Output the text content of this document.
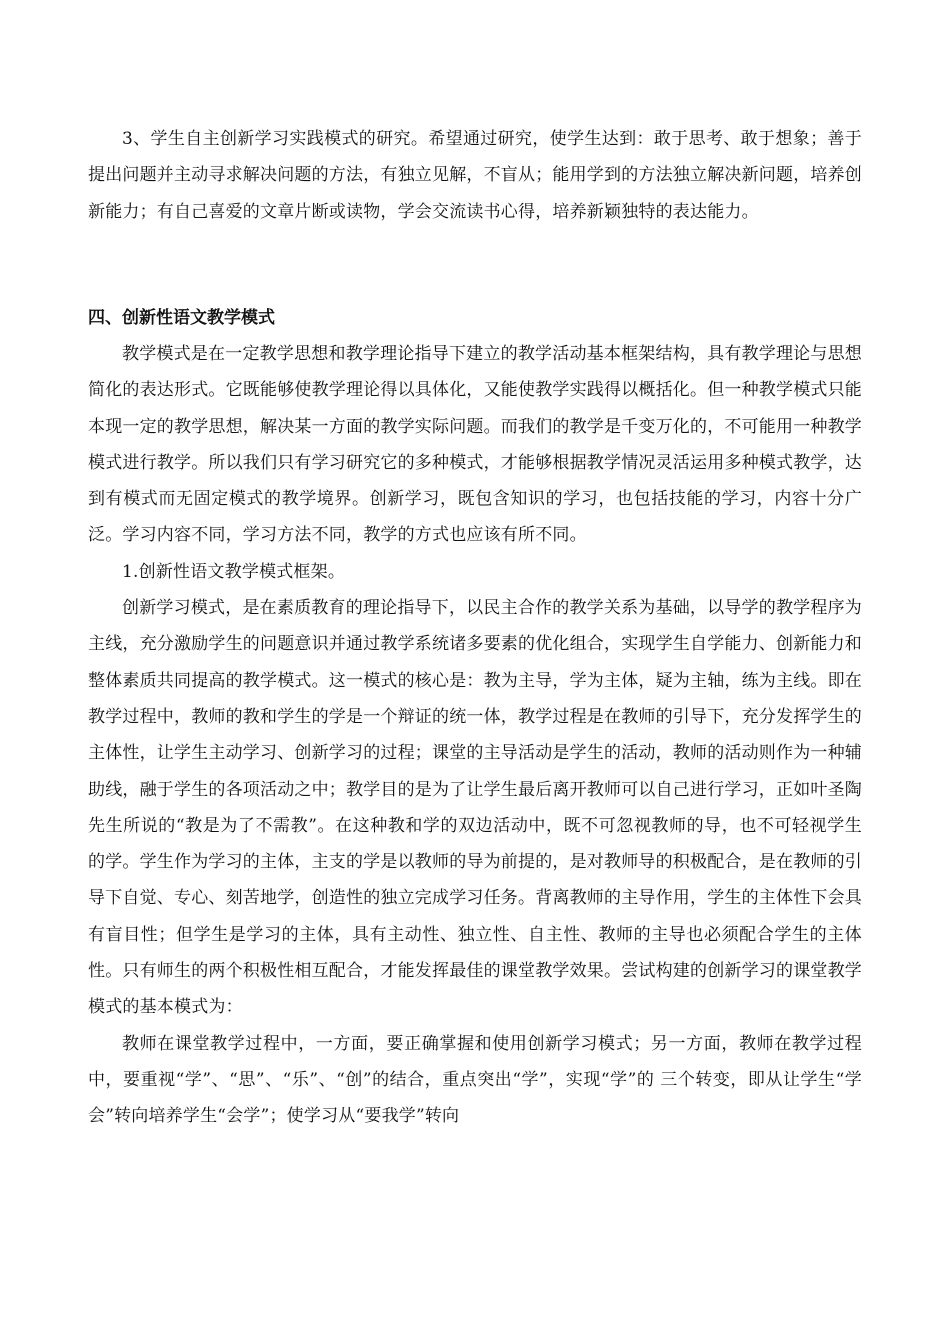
3、学生自主创新学习实践模式的研究。希望通过研究，使学生达到：敢于思考、敢于想象；善于提出问题并主动寻求解决问题的方法，有独立见解，不盲从；能用学到的方法独立解决新问题，培养创新能力；有自己喜爱的文章片断或读物，学会交流读书心得，培养新颖独特的表达能力。

四、创新性语文教学模式

教学模式是在一定教学思想和教学理论指导下建立的教学活动基本框架结构，具有教学理论与思想简化的表达形式。它既能够使教学理论得以具体化，又能使教学实践得以概括化。但一种教学模式只能本现一定的教学思想，解决某一方面的教学实际问题。而我们的教学是千变万化的，不可能用一种教学模式进行教学。所以我们只有学习研究它的多种模式，才能够根据教学情况灵活运用多种模式教学，达到有模式而无固定模式的教学境界。创新学习，既包含知识的学习，也包括技能的学习，内容十分广泛。学习内容不同，学习方法不同，教学的方式也应该有所不同。

1.创新性语文教学模式框架。

创新学习模式，是在素质教育的理论指导下，以民主合作的教学关系为基础，以导学的教学程序为主线，充分激励学生的问题意识并通过教学系统诸多要素的优化组合，实现学生自学能力、创新能力和整体素质共同提高的教学模式。这一模式的核心是：教为主导，学为主体，疑为主轴，练为主线。即在教学过程中，教师的教和学生的学是一个辩证的统一体，教学过程是在教师的引导下，充分发挥学生的主体性，让学生主动学习、创新学习的过程；课堂的主导活动是学生的活动，教师的活动则作为一种辅助线，融于学生的各项活动之中；教学目的是为了让学生最后离开教师可以自己进行学习，正如叶圣陶先生所说的“教是为了不需教”。在这种教和学的双边活动中，既不可忽视教师的导，也不可轻视学生的学。学生作为学习的主体，主支的学是以教师的导为前提的，是对教师导的积极配合，是在教师的引导下自觉、专心、刻苦地学，创造性的独立完成学习任务。背离教师的主导作用，学生的主体性下会具有盲目性；但学生是学习的主体，具有主动性、独立性、自主性、教师的主导也必须配合学生的主体性。只有师生的两个积极性相互配合，才能发挥最佳的课堂教学效果。尝试构建的创新学习的课堂教学模式的基本模式为：

教师在课堂教学过程中，一方面，要正确掌握和使用创新学习模式；另一方面，教师在教学过程中，要重视“学”、“思”、“乐”、“创”的结合，重点突出“学”，实现“学”的 三个转变，即从让学生“学会”转向培养学生“会学”；使学习从“要我学”转向
